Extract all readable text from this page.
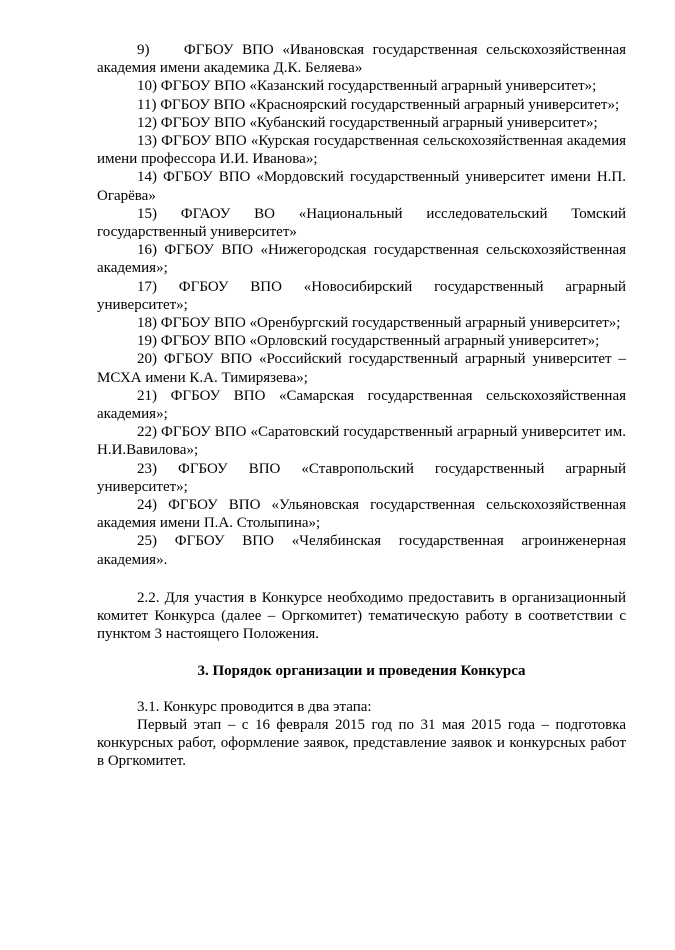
9)    ФГБОУ ВПО «Ивановская государственная сельскохозяйственная академия имени академика Д.К. Беляева»

10) ФГБОУ ВПО «Казанский государственный аграрный университет»;

11) ФГБОУ ВПО «Красноярский государственный аграрный университет»;

12) ФГБОУ ВПО «Кубанский государственный аграрный университет»;

13) ФГБОУ ВПО «Курская государственная сельскохозяйственная академия имени профессора И.И. Иванова»;

14) ФГБОУ ВПО «Мордовский государственный университет имени Н.П. Огарёва»

15) ФГАОУ ВО «Национальный исследовательский Томский государственный университет»

16) ФГБОУ ВПО «Нижегородская государственная сельскохозяйственная академия»;

17) ФГБОУ ВПО «Новосибирский государственный аграрный университет»;

18) ФГБОУ ВПО «Оренбургский государственный аграрный университет»;

19) ФГБОУ ВПО «Орловский государственный аграрный университет»;

20) ФГБОУ ВПО «Российский государственный аграрный университет – МСХА имени К.А. Тимирязева»;

21) ФГБОУ ВПО «Самарская государственная сельскохозяйственная академия»;

22) ФГБОУ ВПО «Саратовский государственный аграрный университет им. Н.И.Вавилова»;

23) ФГБОУ ВПО «Ставропольский государственный аграрный университет»;

24) ФГБОУ ВПО «Ульяновская государственная сельскохозяйственная академия имени П.А. Столыпина»;

25) ФГБОУ ВПО «Челябинская государственная агроинженерная академия».

2.2. Для участия в Конкурсе необходимо предоставить в организационный комитет Конкурса (далее – Оргкомитет) тематическую работу в соответствии с пунктом 3 настоящего Положения.

3. Порядок организации и проведения Конкурса

3.1. Конкурс проводится в два этапа:

Первый этап – с 16 февраля 2015 год по 31 мая 2015 года – подготовка конкурсных работ, оформление заявок, представление заявок и конкурсных работ в Оргкомитет.
